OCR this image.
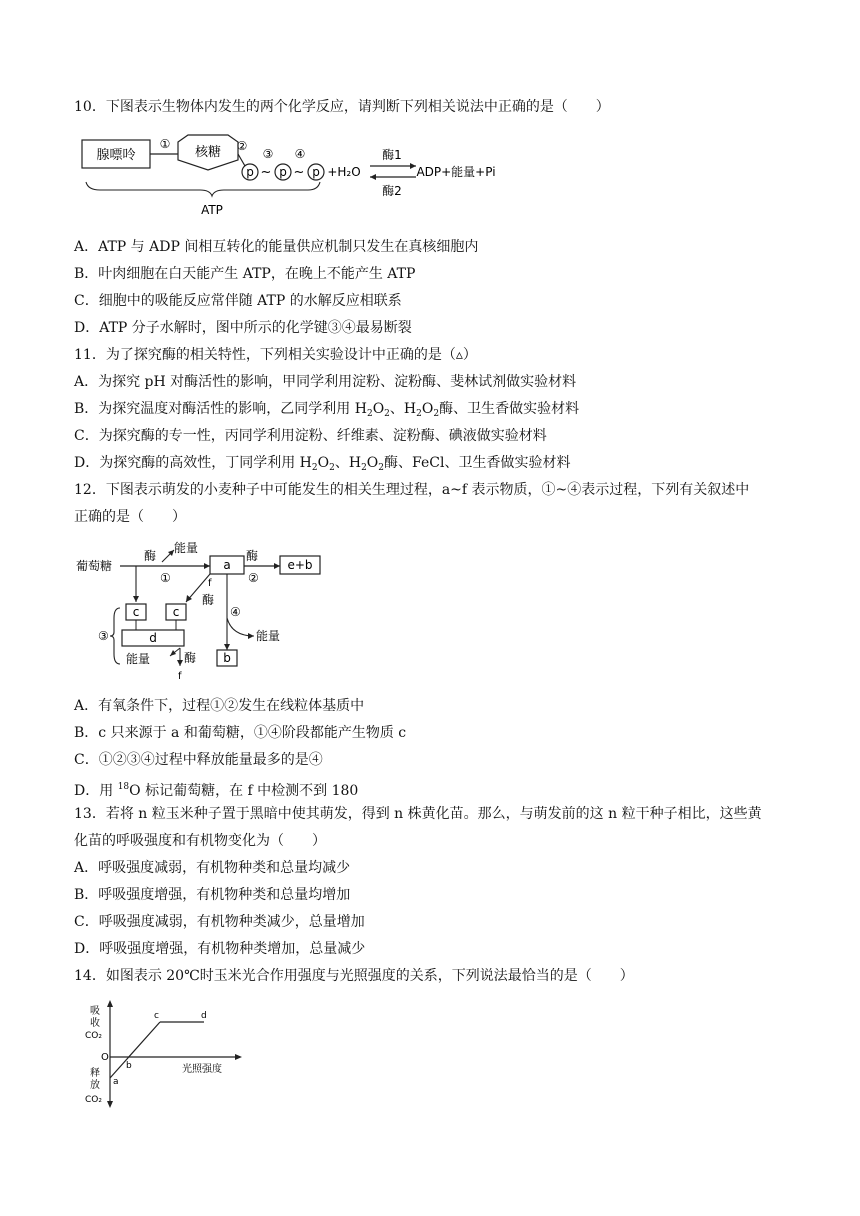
10．下图表示生物体内发生的两个化学反应，请判断下列相关说法中正确的是（　　）
腺嘌呤
①
核糖 ②
③ ④
p ~ p ~ p +H₂O
酶1
酶2
ADP+能量+Pi
ATP
A．ATP 与 ADP 间相互转化的能量供应机制只发生在真核细胞内
B．叶肉细胞在白天能产生 ATP，在晚上不能产生 ATP
C．细胞中的吸能反应常伴随 ATP 的水解反应相联系
D．ATP 分子水解时，图中所示的化学键③④最易断裂
11．为了探究酶的相关特性，下列相关实验设计中正确的是（▵）
A．为探究 pH 对酶活性的影响，甲同学利用淀粉、淀粉酶、斐林试剂做实验材料
B．为探究温度对酶活性的影响，乙同学利用 $H_2O_2$、$H_2O_2$酶、卫生香做实验材料
C．为探究酶的专一性，丙同学利用淀粉、纤维素、淀粉酶、碘液做实验材料
D．为探究酶的高效性，丁同学利用 $H_2O_2$、$H_2O_2$酶、FeCl、卫生香做实验材料
12．下图表示萌发的小麦种子中可能发生的相关生理过程，a~f 表示物质，①~④表示过程，下列有关叙述中
正确的是（　　）
葡萄糖
酶
能量
①
a
酶
②
e+b
f
酶
④
能量
b
c	c
d
③
能量	酶
f
A．有氧条件下，过程①②发生在线粒体基质中
B．c 只来源于 a 和葡萄糖，①④阶段都能产生物质 c
C．①②③④过程中释放能量最多的是④
D．用 $^{18}$O 标记葡萄糖，在 f 中检测不到 180
13．若将 n 粒玉米种子置于黑暗中使其萌发，得到 n 株黄化苗。那么，与萌发前的这 n 粒干种子相比，这些黄
化苗的呼吸强度和有机物变化为（　　）
A．呼吸强度减弱，有机物种类和总量均减少
B．呼吸强度增强，有机物种类和总量均增加
C．呼吸强度减弱，有机物种类减少，总量增加
D．呼吸强度增强，有机物种类增加，总量减少
14．如图表示 20℃时玉米光合作用强度与光照强度的关系，下列说法最恰当的是（　　）
吸
收
CO₂
O
释
放
CO₂
光照强度
a
b
c	d
